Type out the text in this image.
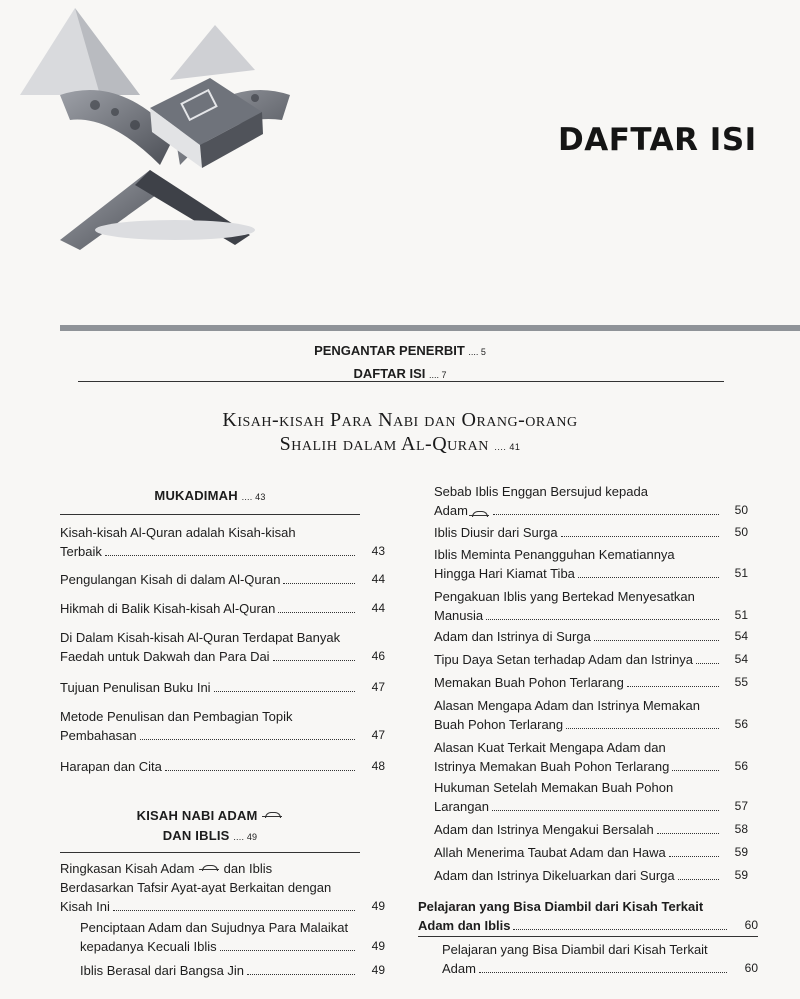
DAFTAR ISI
PENGANTAR PENERBIT .... 5
DAFTAR ISI .... 7
Kisah-kisah Para Nabi dan Orang-orang
Shalih dalam Al-Quran .... 41
MUKADIMAH .... 43
Kisah-kisah Al-Quran adalah Kisah-kisah
Terbaik	43
Pengulangan Kisah di dalam Al-Quran	44
Hikmah di Balik Kisah-kisah Al-Quran	44
Di Dalam Kisah-kisah Al-Quran Terdapat Banyak
Faedah untuk Dakwah dan Para Dai	46
Tujuan Penulisan Buku Ini	47
Metode Penulisan dan Pembagian Topik
Pembahasan	47
Harapan dan Cita	48
KISAH NABI ADAM
DAN IBLIS .... 49
Ringkasan Kisah Adam dan Iblis
Berdasarkan Tafsir Ayat-ayat Berkaitan dengan
Kisah Ini	49
Penciptaan Adam dan Sujudnya Para Malaikat
kepadanya Kecuali Iblis	49
Iblis Berasal dari Bangsa Jin	49
Sebab Iblis Enggan Bersujud kepada
Adam	50
Iblis Diusir dari Surga	50
Iblis Meminta Penangguhan Kematiannya
Hingga Hari Kiamat Tiba	51
Pengakuan Iblis yang Bertekad Menyesatkan
Manusia	51
Adam dan Istrinya di Surga	54
Tipu Daya Setan terhadap Adam dan Istrinya	54
Memakan Buah Pohon Terlarang	55
Alasan Mengapa Adam dan Istrinya Memakan
Buah Pohon Terlarang	56
Alasan Kuat Terkait Mengapa Adam dan
Istrinya Memakan Buah Pohon Terlarang	56
Hukuman Setelah Memakan Buah Pohon
Larangan	57
Adam dan Istrinya Mengakui Bersalah	58
Allah Menerima Taubat Adam dan Hawa	59
Adam dan Istrinya Dikeluarkan dari Surga	59
Pelajaran yang Bisa Diambil dari Kisah Terkait
Adam dan Iblis	60
Pelajaran yang Bisa Diambil dari Kisah Terkait
Adam	60
